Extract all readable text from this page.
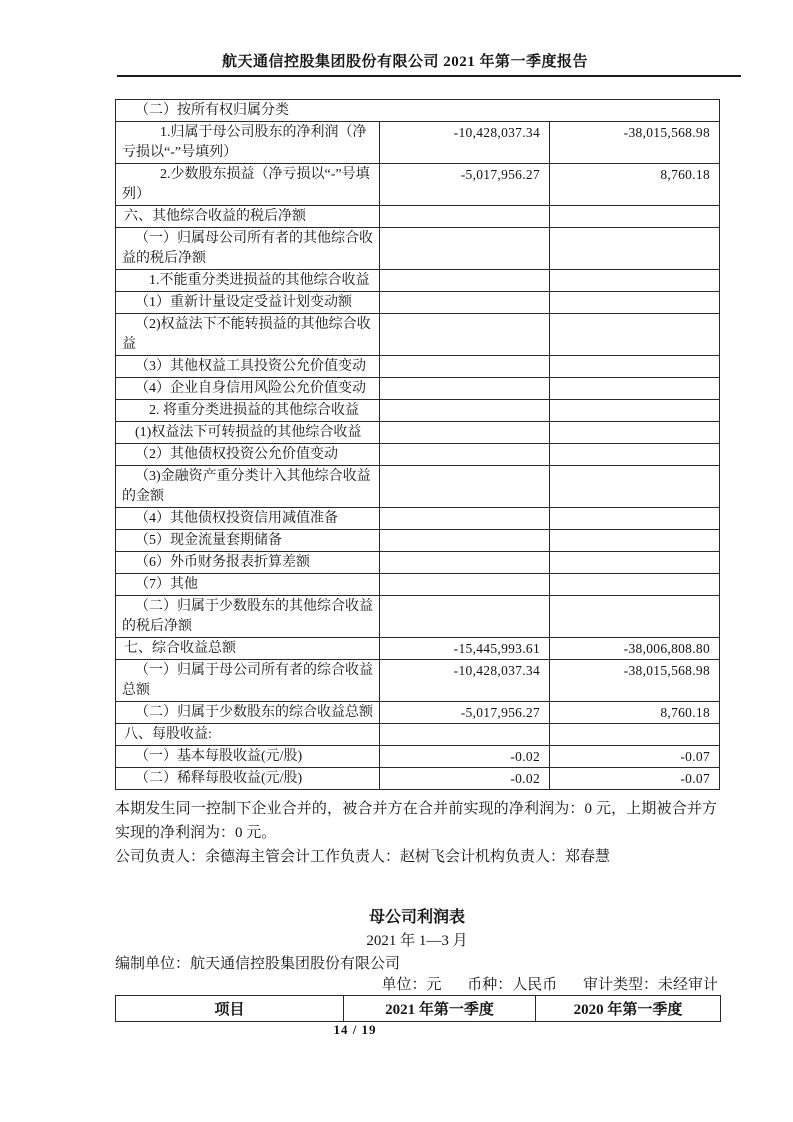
航天通信控股集团股份有限公司 2021 年第一季度报告
（二）按所有权归属分类		
1.归属于母公司股东的净利润（净亏损以“-”号填列）	-10,428,037.34	-38,015,568.98
2.少数股东损益（净亏损以“-”号填列）	-5,017,956.27	8,760.18
六、其他综合收益的税后净额		
（一）归属母公司所有者的其他综合收益的税后净额		
1.不能重分类进损益的其他综合收益		
（1）重新计量设定受益计划变动额		
（2)权益法下不能转损益的其他综合收益		
（3）其他权益工具投资公允价值变动		
（4）企业自身信用风险公允价值变动		
2. 将重分类进损益的其他综合收益		
(1)权益法下可转损益的其他综合收益		
（2）其他债权投资公允价值变动		
（3)金融资产重分类计入其他综合收益的金额		
（4）其他债权投资信用减值准备		
（5）现金流量套期储备		
（6）外币财务报表折算差额		
（7）其他		
（二）归属于少数股东的其他综合收益的税后净额		
七、综合收益总额	-15,445,993.61	-38,006,808.80
（一）归属于母公司所有者的综合收益总额	-10,428,037.34	-38,015,568.98
（二）归属于少数股东的综合收益总额	-5,017,956.27	8,760.18
八、每股收益:		
（一）基本每股收益(元/股)	-0.02	-0.07
（二）稀释每股收益(元/股)	-0.02	-0.07

本期发生同一控制下企业合并的，被合并方在合并前实现的净利润为：0 元，上期被合并方实现的净利润为：0 元。

公司负责人：余德海主管会计工作负责人：赵树飞会计机构负责人：郑春慧

母公司利润表
2021 年 1—3 月
编制单位：航天通信控股集团股份有限公司
单位：元 币种：人民币 审计类型：未经审计
项目	2021 年第一季度	2020 年第一季度
14 / 19
